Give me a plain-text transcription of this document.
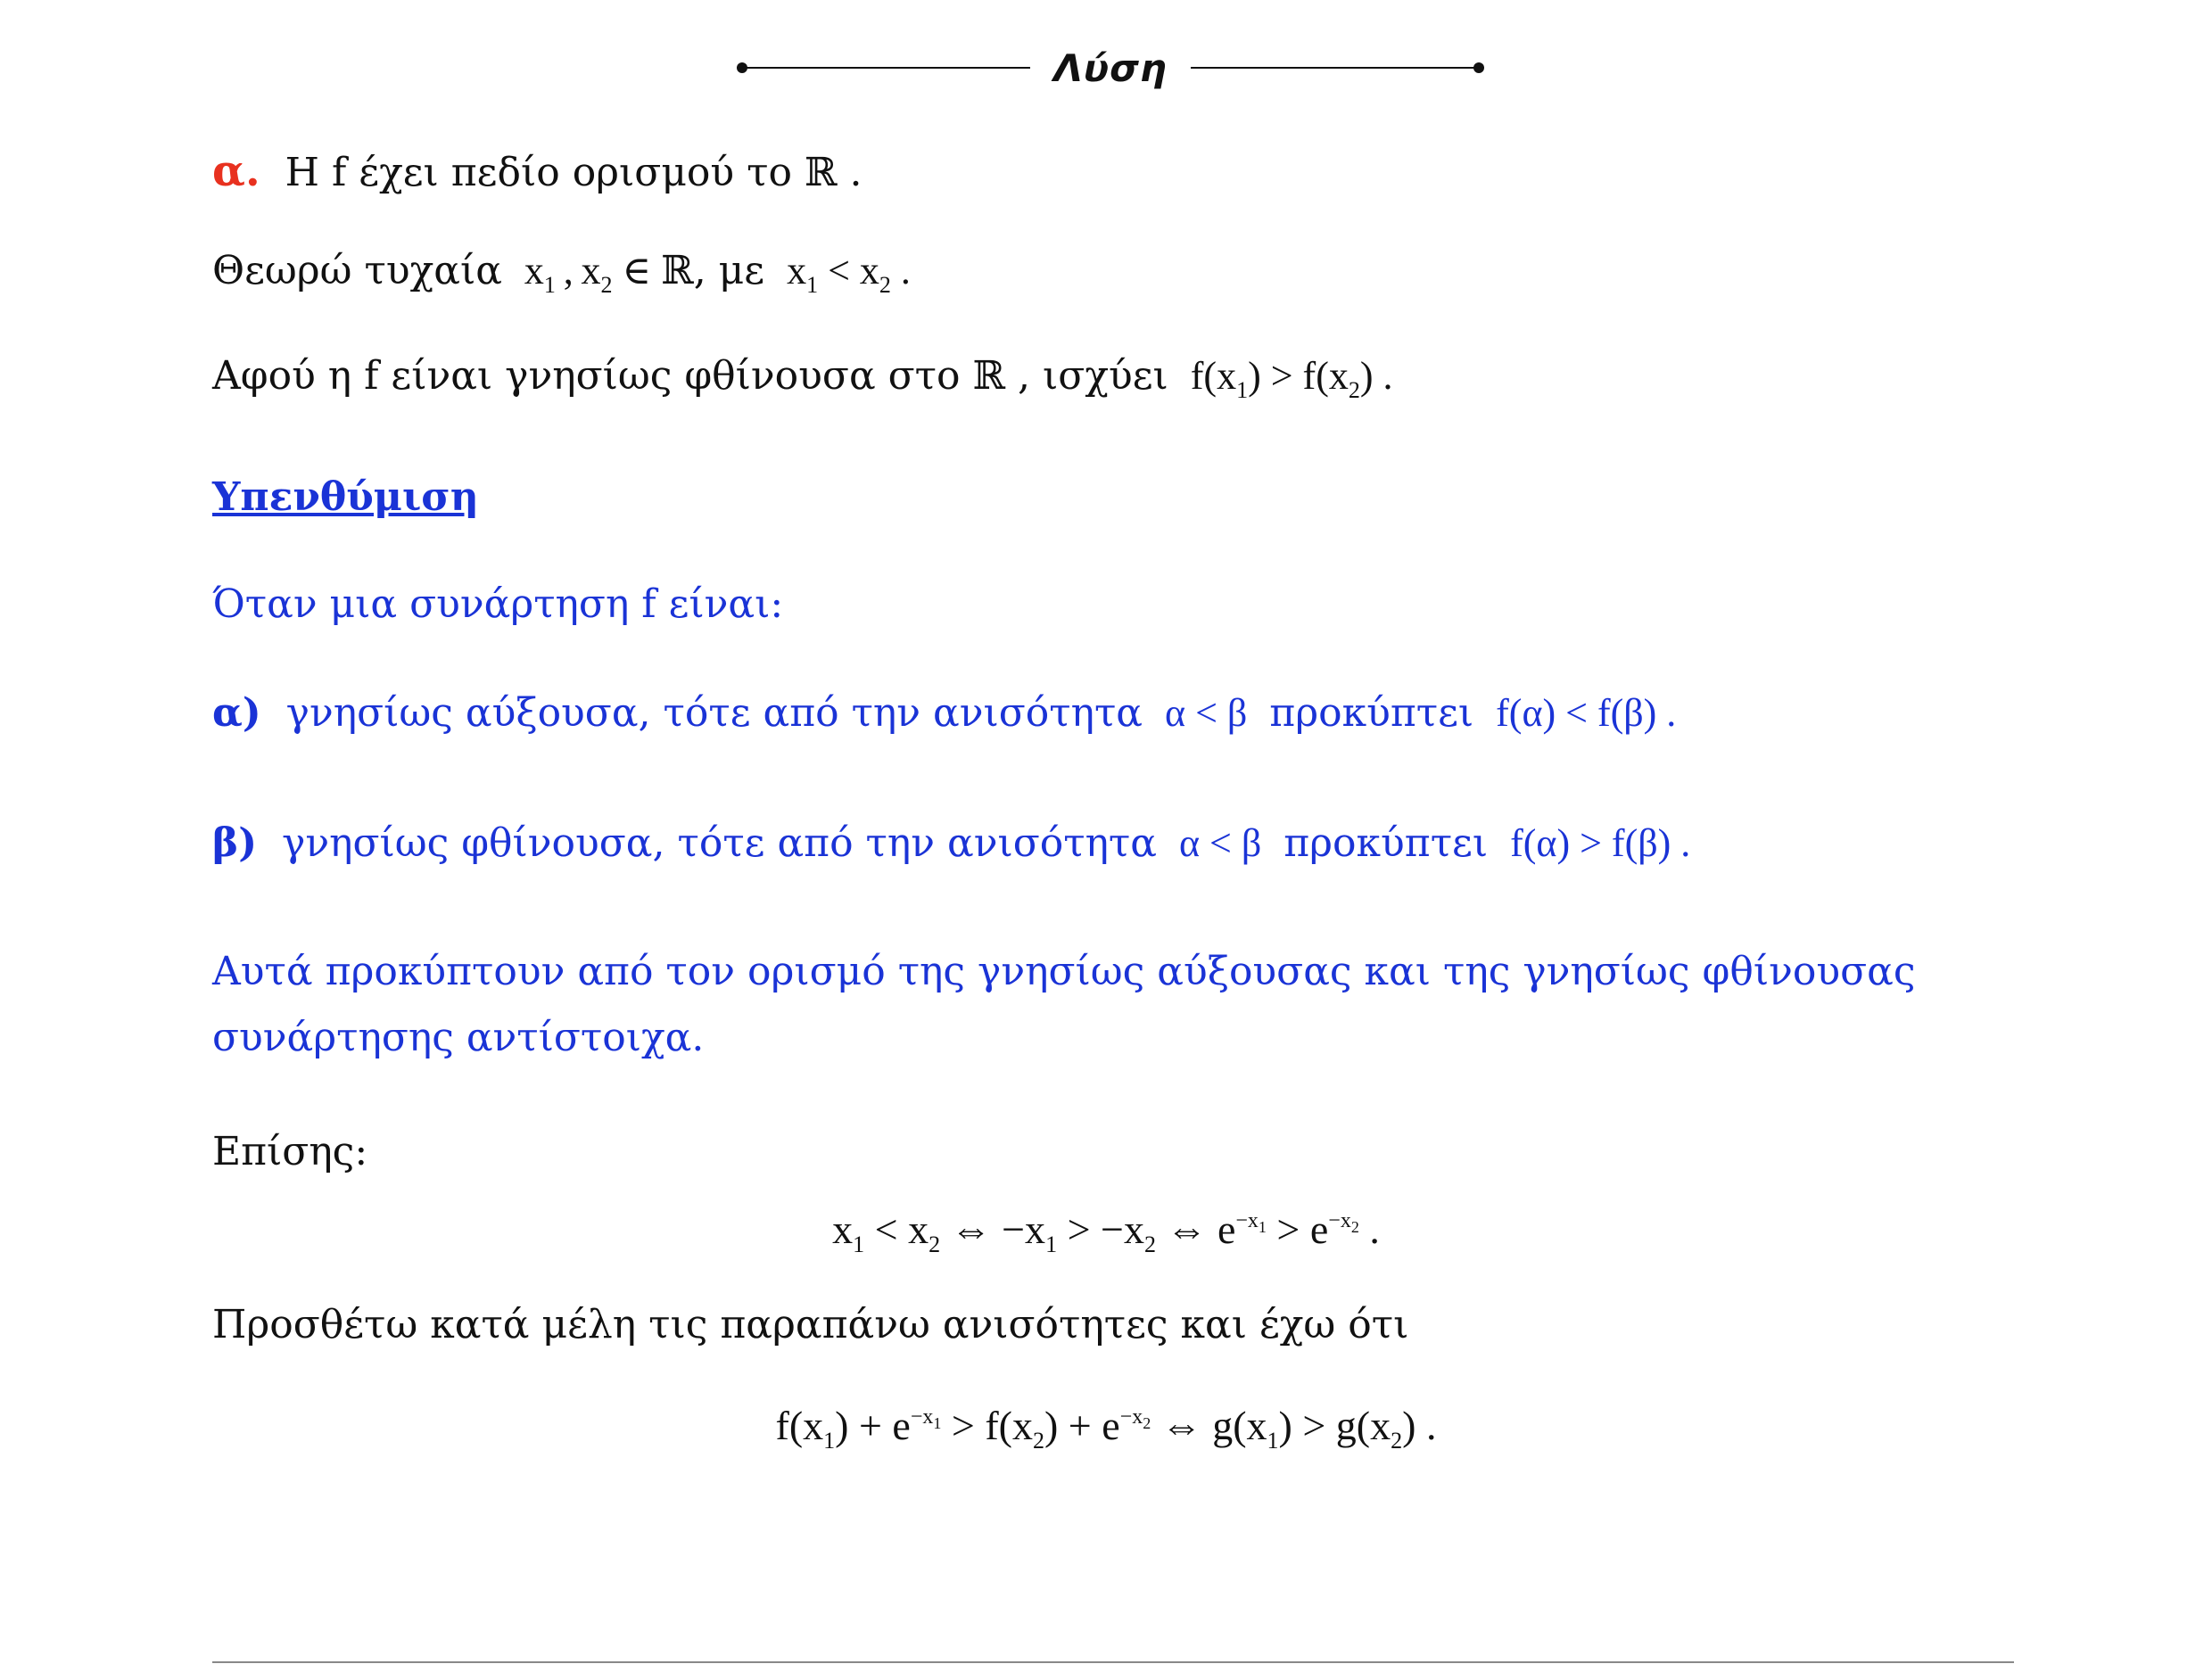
Λύση
α. Η f έχει πεδίο ορισμού το ℝ .
Θεωρώ τυχαία  $x_1$ , $x_2$ ∈ ℝ, με  $x_1 < x_2$ .
Αφού η f είναι γνησίως φθίνουσα στο ℝ , ισχύει  $f(x_1) > f(x_2)$ .
Υπενθύμιση
Όταν μια συνάρτηση f είναι:
α) γνησίως αύξουσα, τότε από την ανισότητα  α < β  προκύπτει  f(α) < f(β) .
β) γνησίως φθίνουσα, τότε από την ανισότητα  α < β  προκύπτει  f(α) > f(β) .
Αυτά προκύπτουν από τον ορισμό της γνησίως αύξουσας και της γνησίως φθίνουσας
συνάρτησης αντίστοιχα.
Επίσης:
$x_1 < x_2$ ⇔ $-x_1 > -x_2$ ⇔ $e^{-x_1} > e^{-x_2}$ .
Προσθέτω κατά μέλη τις παραπάνω ανισότητες και έχω ότι
$f(x_1) + e^{-x_1} > f(x_2) + e^{-x_2}$ ⇔ $g(x_1) > g(x_2)$ .
